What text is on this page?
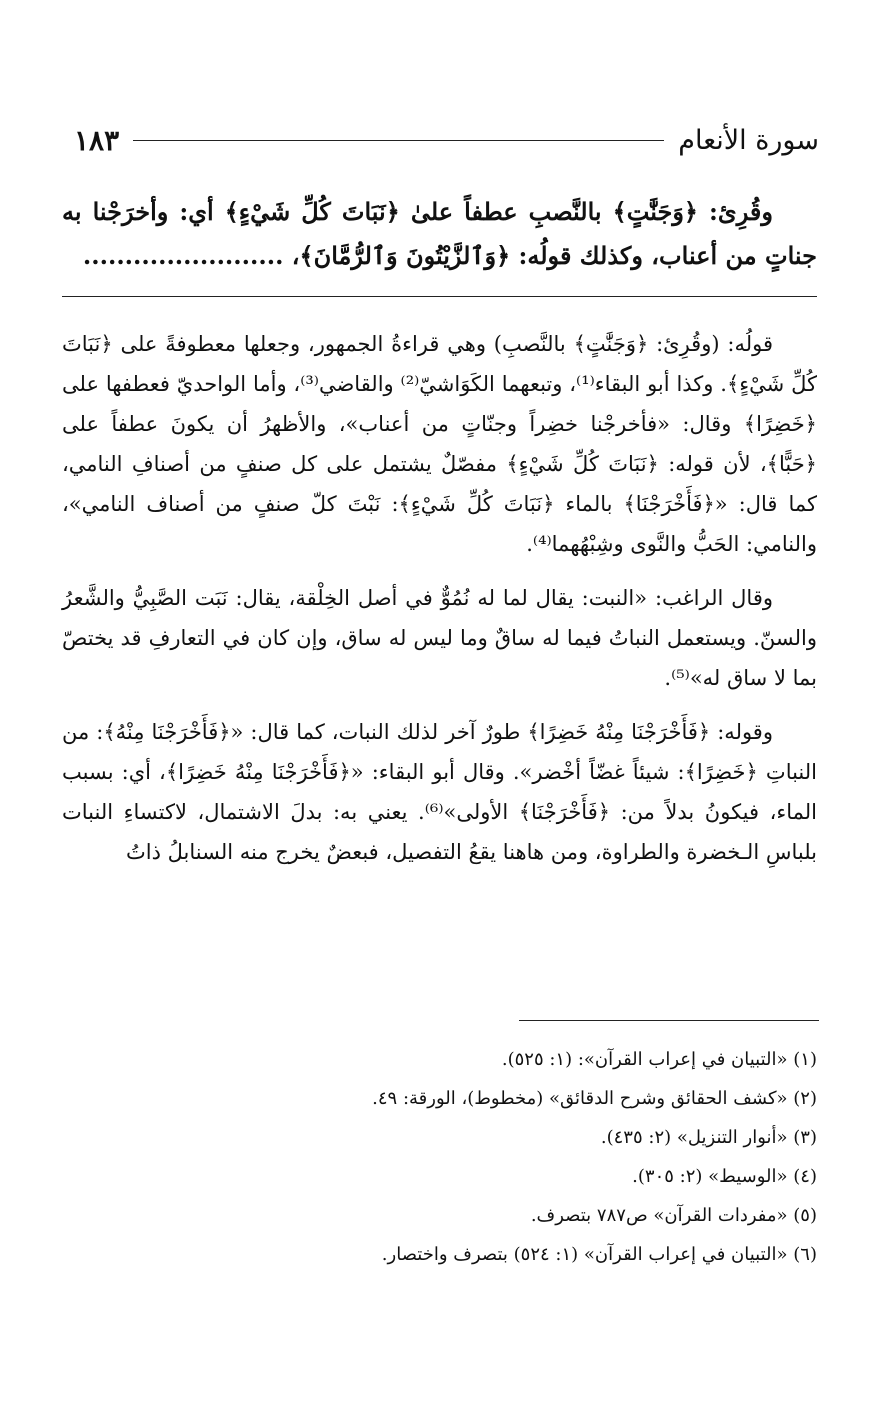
سورة الأنعام
١٨٣

وقُرِئ: ﴿وَجَنَّٰتٍ﴾ بالنَّصبِ عطفاً علىٰ ﴿نَبَاتَ كُلِّ شَيْءٍ﴾ أي: وأخرَجْنا به جناتٍ من أعناب، وكذلك قولُه: ﴿وَٱلزَّيْتُونَ وَٱلرُّمَّانَ﴾، ........................

قولُه: (وقُرِئ: ﴿وَجَنَّٰتٍ﴾ بالنَّصبِ) وهي قراءةُ الجمهور، وجعلها معطوفةً على ﴿نَبَاتَ كُلِّ شَيْءٍ﴾. وكذا أبو البقاء⁽¹⁾، وتبعهما الكَوَاشيّ⁽²⁾ والقاضي⁽³⁾، وأما الواحديّ فعطفها على ﴿خَضِرًا﴾ وقال: «فأخرجْنا خضِراً وجنّاتٍ من أعناب»، والأظهرُ أن يكونَ عطفاً على ﴿حَبًّا﴾، لأن قوله: ﴿نَبَاتَ كُلِّ شَيْءٍ﴾ مفصّلٌ يشتمل على كل صنفٍ من أصنافِ النامي، كما قال: «﴿فَأَخْرَجْنَا﴾ بالماء ﴿نَبَاتَ كُلِّ شَيْءٍ﴾: نَبْتَ كلّ صنفٍ من أصناف النامي»، والنامي: الحَبُّ والنَّوى وشِبْهُهما⁽⁴⁾.

وقال الراغب: «النبت: يقال لما له نُمُوٌّ في أصل الخِلْقة، يقال: نَبَت الصَّبِيُّ والشَّعرُ والسنّ. ويستعمل النباتُ فيما له ساقٌ وما ليس له ساق، وإن كان في التعارفِ قد يختصّ بما لا ساق له»⁽⁵⁾.

وقوله: ﴿فَأَخْرَجْنَا مِنْهُ خَضِرًا﴾ طورٌ آخر لذلك النبات، كما قال: «﴿فَأَخْرَجْنَا مِنْهُ﴾: من النباتِ ﴿خَضِرًا﴾: شيئاً غضّاً أخْضر». وقال أبو البقاء: «﴿فَأَخْرَجْنَا مِنْهُ خَضِرًا﴾، أي: بسبب الماء، فيكونُ بدلاً من: ﴿فَأَخْرَجْنَا﴾ الأولى»⁽⁶⁾. يعني به: بدلَ الاشتمال، لاكتساءِ النبات بلباسِ الـخضرة والطراوة، ومن هاهنا يقعُ التفصيل، فبعضٌ يخرج منه السنابلُ ذاتُ

(١) «التبيان في إعراب القرآن»: (١: ٥٢٥).

(٢) «كشف الحقائق وشرح الدقائق» (مخطوط)، الورقة: ٤٩.

(٣) «أنوار التنزيل» (٢: ٤٣٥).

(٤) «الوسيط» (٢: ٣٠٥).

(٥) «مفردات القرآن» ص٧٨٧ بتصرف.

(٦) «التبيان في إعراب القرآن» (١: ٥٢٤) بتصرف واختصار.
